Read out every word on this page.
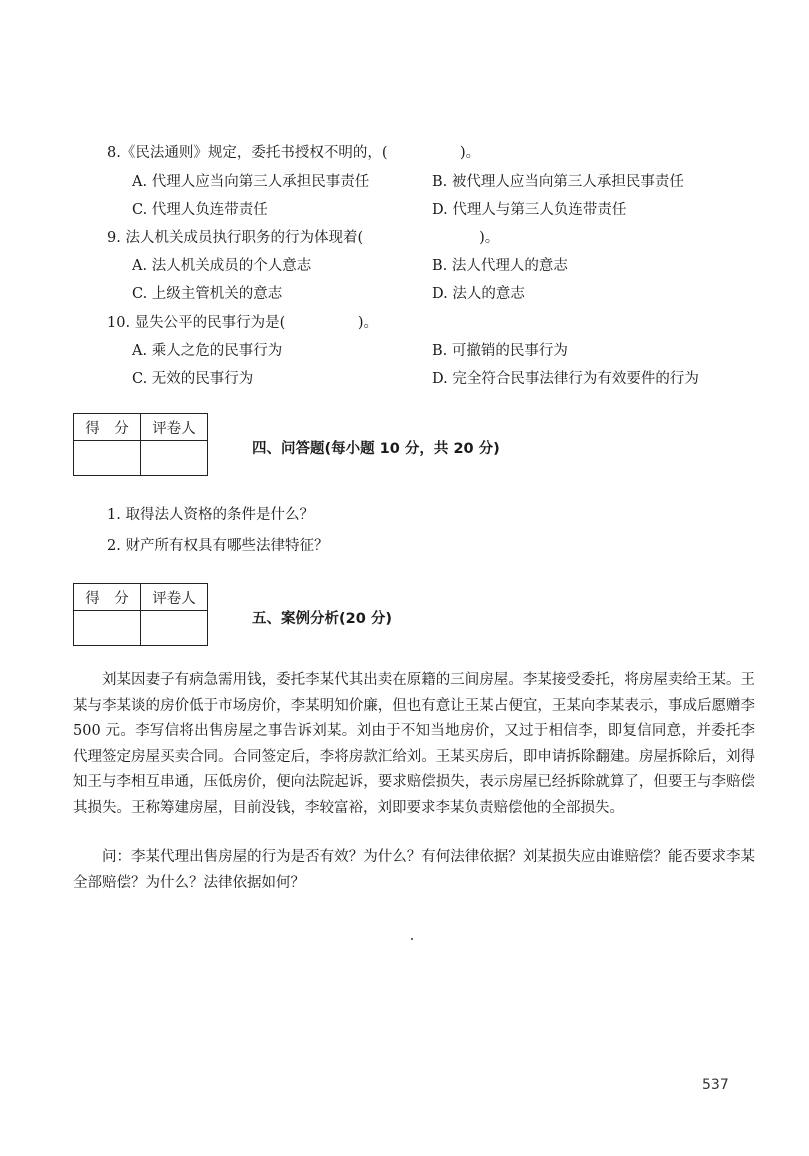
8.《民法通则》规定，委托书授权不明的，(　　　　　)。
A. 代理人应当向第三人承担民事责任	B. 被代理人应当向第三人承担民事责任
C. 代理人负连带责任	D. 代理人与第三人负连带责任
9. 法人机关成员执行职务的行为体现着(　　　　　　　　)。
A. 法人机关成员的个人意志	B. 法人代理人的意志
C. 上级主管机关的意志	D. 法人的意志
10. 显失公平的民事行为是(　　　　　)。
A. 乘人之危的民事行为	B. 可撤销的民事行为
C. 无效的民事行为	D. 完全符合民事法律行为有效要件的行为
得　分	评卷人

四、问答题(每小题 10 分，共 20 分)
1. 取得法人资格的条件是什么？
2. 财产所有权具有哪些法律特征？
得　分	评卷人

五、案例分析(20 分)
刘某因妻子有病急需用钱，委托李某代其出卖在原籍的三间房屋。李某接受委托，将房屋卖给王某。王某与李某谈的房价低于市场房价，李某明知价廉，但也有意让王某占便宜，王某向李某表示，事成后愿赠李 500 元。李写信将出售房屋之事告诉刘某。刘由于不知当地房价，又过于相信李，即复信同意，并委托李代理签定房屋买卖合同。合同签定后，李将房款汇给刘。王某买房后，即申请拆除翻建。房屋拆除后，刘得知王与李相互串通，压低房价，便向法院起诉，要求赔偿损失，表示房屋已经拆除就算了，但要王与李赔偿其损失。王称筹建房屋，目前没钱，李较富裕，刘即要求李某负责赔偿他的全部损失。
问：李某代理出售房屋的行为是否有效？为什么？有何法律依据？刘某损失应由谁赔偿？能否要求李某全部赔偿？为什么？法律依据如何？
537
